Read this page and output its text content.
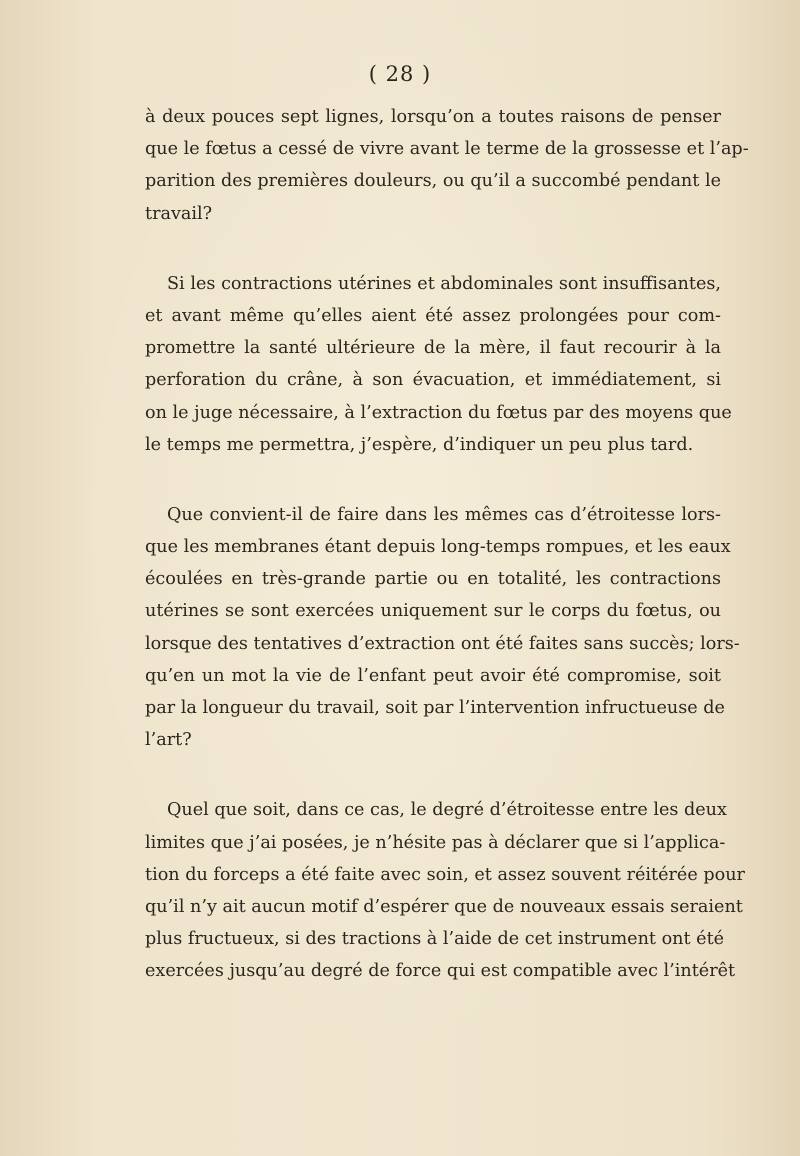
( 28 )
à deux pouces sept lignes, lorsqu’on a toutes raisons de penser
que le fœtus a cessé de vivre avant le terme de la grossesse et l’ap-
parition des premières douleurs, ou qu’il a succombé pendant le
travail?
Si les contractions utérines et abdominales sont insuffisantes,
et avant même qu’elles aient été assez prolongées pour com-
promettre la santé ultérieure de la mère, il faut recourir à la
perforation du crâne, à son évacuation, et immédiatement, si
on le juge nécessaire, à l’extraction du fœtus par des moyens que
le temps me permettra, j’espère, d’indiquer un peu plus tard.
Que convient-il de faire dans les mêmes cas d’étroitesse lors-
que les membranes étant depuis long-temps rompues, et les eaux
écoulées en très-grande partie ou en totalité, les contractions
utérines se sont exercées uniquement sur le corps du fœtus, ou
lorsque des tentatives d’extraction ont été faites sans succès; lors-
qu’en un mot la vie de l’enfant peut avoir été compromise, soit
par la longueur du travail, soit par l’intervention infructueuse de
l’art?
Quel que soit, dans ce cas, le degré d’étroitesse entre les deux
limites que j’ai posées, je n’hésite pas à déclarer que si l’applica-
tion du forceps a été faite avec soin, et assez souvent réitérée pour
qu’il n’y ait aucun motif d’espérer que de nouveaux essais seraient
plus fructueux, si des tractions à l’aide de cet instrument ont été
exercées jusqu’au degré de force qui est compatible avec l’intérêt
